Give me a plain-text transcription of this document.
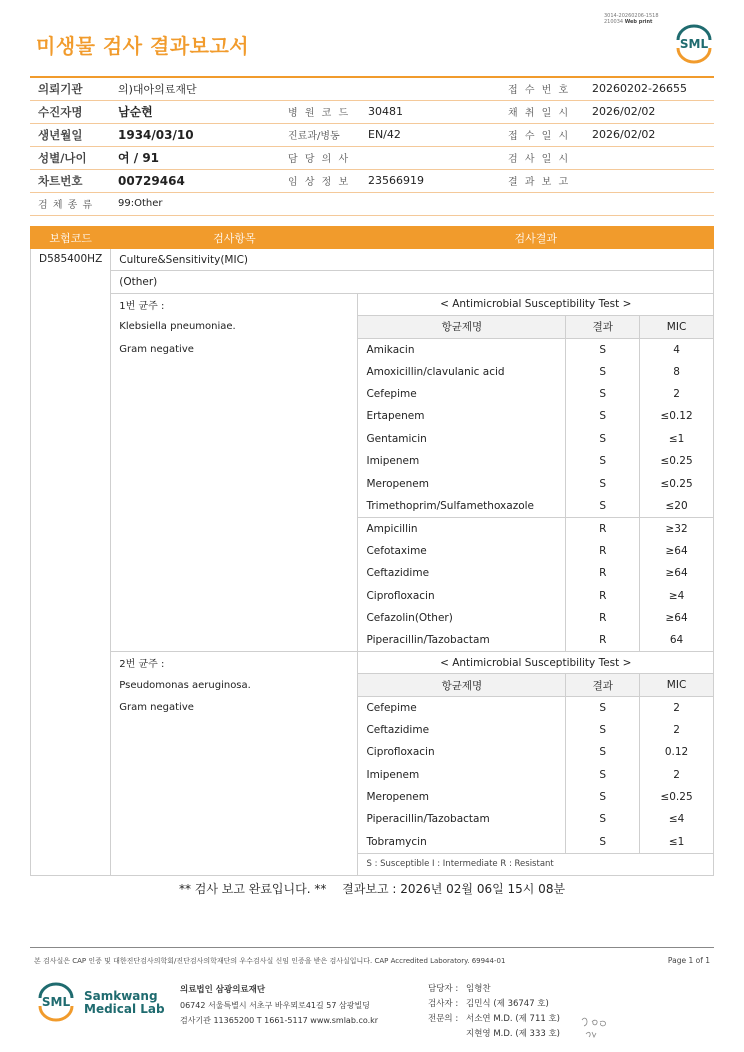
3014-20260206-1518
210034 Web print
미생물 검사 결과보고서	SML
의뢰기관	의)대아의료재단			접 수 번 호	20260202-26655
수진자명	남순현	병 원 코 드	30481	채 취 일 시	2026/02/02
생년월일	1934/03/10	진료과/병동	EN/42	접 수 일 시	2026/02/02
성별/나이	여 / 91	담 당 의 사		검 사 일 시	
차트번호	00729464	임 상 정 보	23566919	결 과 보 고	
검 체 종 류	99:Other				
보험코드	검사항목	검사결과		
D585400HZ	Culture&Sensitivity(MIC)			
	(Other)			
	1번 균주 :	< Antimicrobial Susceptibility Test >		
	Klebsiella pneumoniae.	항균제명	결과	MIC
	Gram negative	Amikacin	S	4
		Amoxicillin/clavulanic acid	S	8
		Cefepime	S	2
		Ertapenem	S	≤0.12
		Gentamicin	S	≤1
		Imipenem	S	≤0.25
		Meropenem	S	≤0.25
		Trimethoprim/Sulfamethoxazole	S	≤20
		Ampicillin	R	≥32
		Cefotaxime	R	≥64
		Ceftazidime	R	≥64
		Ciprofloxacin	R	≥4
		Cefazolin(Other)	R	≥64
		Piperacillin/Tazobactam	R	64
	2번 균주 :	< Antimicrobial Susceptibility Test >		
	Pseudomonas aeruginosa.	항균제명	결과	MIC
	Gram negative	Cefepime	S	2
		Ceftazidime	S	2
		Ciprofloxacin	S	0.12
		Imipenem	S	2
		Meropenem	S	≤0.25
		Piperacillin/Tazobactam	S	≤4
		Tobramycin	S	≤1
		S : Susceptible I : Intermediate R : Resistant		
** 검사 보고 완료입니다. ** 결과보고 : 2026년 02월 06일 15시 08분
본 검사실은 CAP 인증 및 대한진단검사의학회/진단검사의학재단의 우수검사실 신임 인증을 받은 검사실입니다. CAP Accredited Laboratory. 69944-01	Page 1 of 1
SML Samkwang
Medical Lab
의료법인 삼광의료재단
06742 서울특별시 서초구 바우뫼로41길 57 삼광빌딩
검사기관 11365200 T 1661-5117 www.smlab.co.kr
담당자 : 임형찬
검사자 : 김민식 (제 36747 호)
전문의 : 서소연 M.D. (제 711 호)
지현영 M.D. (제 333 호)
